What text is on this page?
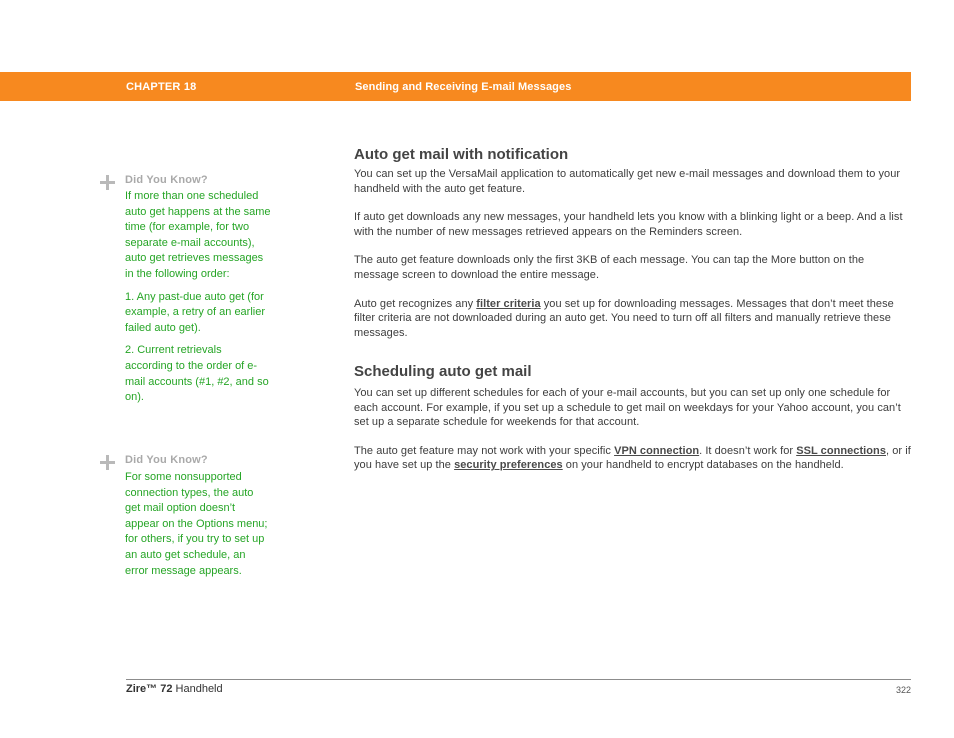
CHAPTER 18	Sending and Receiving E-mail Messages
Did You Know?

If more than one scheduled auto get happens at the same time (for example, for two separate e-mail accounts), auto get retrieves messages in the following order:

1. Any past-due auto get (for example, a retry of an earlier failed auto get).

2. Current retrievals according to the order of e-mail accounts (#1, #2, and so on).

Did You Know?

For some nonsupported connection types, the auto get mail option doesn’t appear on the Options menu; for others, if you try to set up an auto get schedule, an error message appears.

Auto get mail with notification

You can set up the VersaMail application to automatically get new e-mail messages and download them to your handheld with the auto get feature.

If auto get downloads any new messages, your handheld lets you know with a blinking light or a beep. And a list with the number of new messages retrieved appears on the Reminders screen.

The auto get feature downloads only the first 3KB of each message. You can tap the More button on the message screen to download the entire message.

Auto get recognizes any filter criteria you set up for downloading messages. Messages that don’t meet these filter criteria are not downloaded during an auto get. You need to turn off all filters and manually retrieve these messages.

Scheduling auto get mail

You can set up different schedules for each of your e-mail accounts, but you can set up only one schedule for each account. For example, if you set up a schedule to get mail on weekdays for your Yahoo account, you can’t set up a separate schedule for weekends for that account.

The auto get feature may not work with your specific VPN connection. It doesn’t work for SSL connections, or if you have set up the security preferences on your handheld to encrypt databases on the handheld.

Zire™ 72 Handheld	322
